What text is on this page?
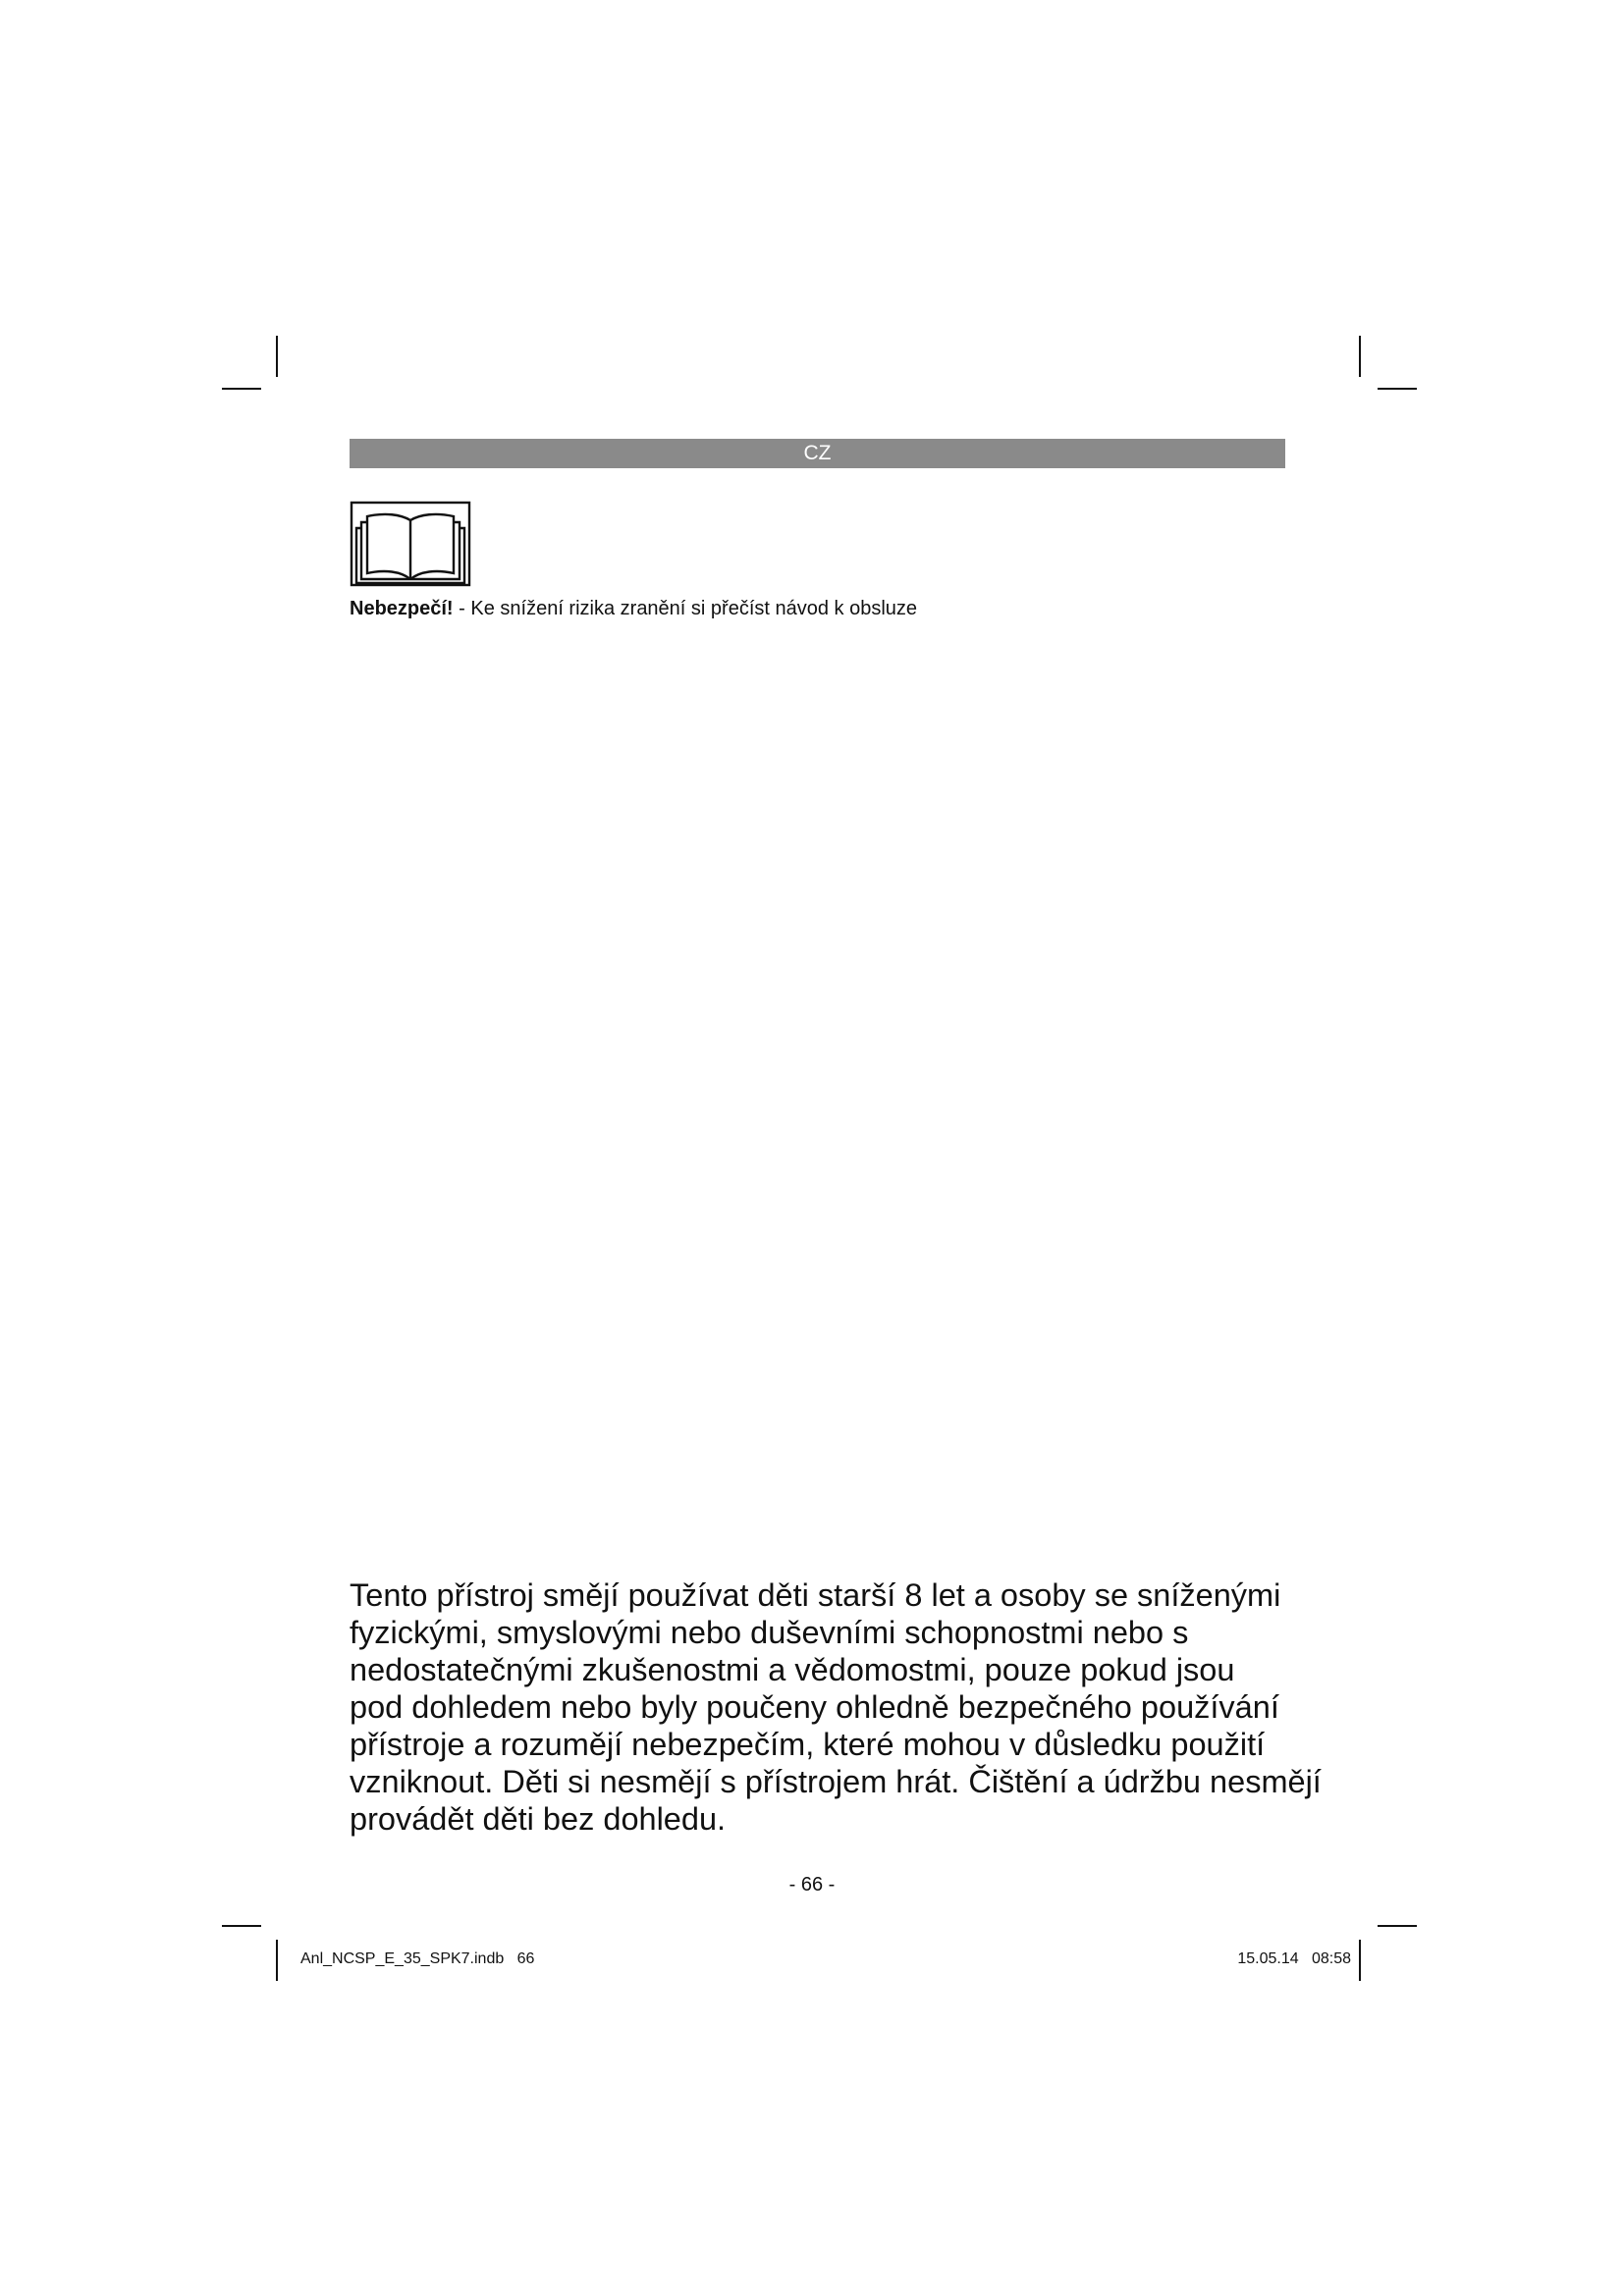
CZ
Nebezpečí! - Ke snížení rizika zranění si přečíst návod k obsluze

Tento přístroj smějí používat děti starší 8 let a osoby se sníženými
fyzickými, smyslovými nebo duševními schopnostmi nebo s
nedostatečnými zkušenostmi a vědomostmi, pouze pokud jsou
pod dohledem nebo byly poučeny ohledně bezpečného používání
přístroje a rozumějí nebezpečím, které mohou v důsledku použití
vzniknout. Děti si nesmějí s přístrojem hrát. Čištění a údržbu nesmějí
provádět děti bez dohledu.

- 66 -
Anl_NCSP_E_35_SPK7.indb   66	15.05.14   08:58
